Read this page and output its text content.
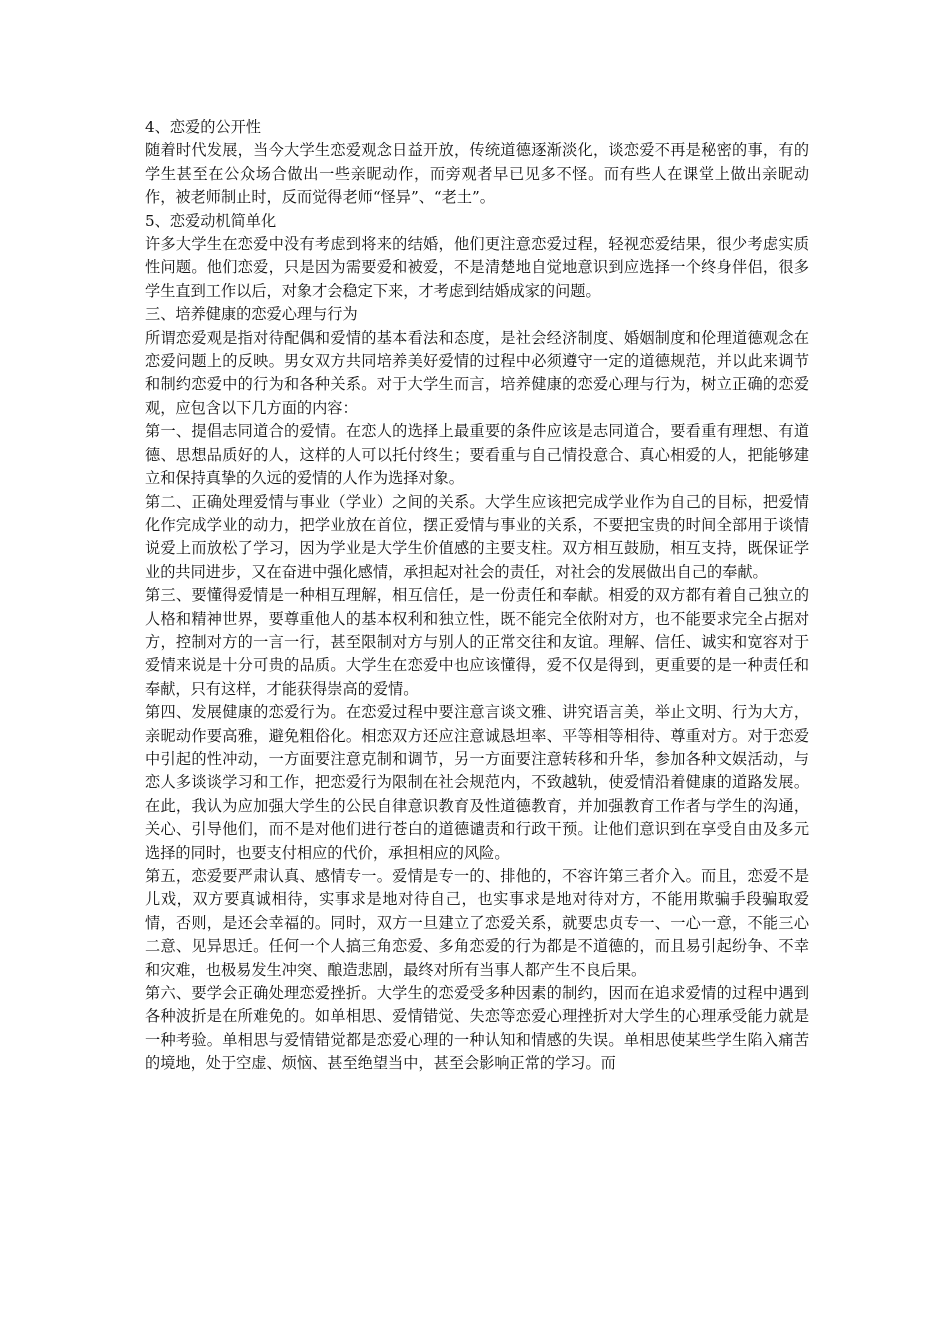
4、恋爱的公开性

随着时代发展，当今大学生恋爱观念日益开放，传统道德逐渐淡化，谈恋爱不再是秘密的事，有的学生甚至在公众场合做出一些亲昵动作，而旁观者早已见多不怪。而有些人在课堂上做出亲昵动作，被老师制止时，反而觉得老师“怪异”、“老土”。

5、恋爱动机简单化

许多大学生在恋爱中没有考虑到将来的结婚，他们更注意恋爱过程，轻视恋爱结果，很少考虑实质性问题。他们恋爱，只是因为需要爱和被爱，不是清楚地自觉地意识到应选择一个终身伴侣，很多学生直到工作以后，对象才会稳定下来，才考虑到结婚成家的问题。

三、培养健康的恋爱心理与行为

所谓恋爱观是指对待配偶和爱情的基本看法和态度，是社会经济制度、婚姻制度和伦理道德观念在恋爱问题上的反映。男女双方共同培养美好爱情的过程中必须遵守一定的道德规范，并以此来调节和制约恋爱中的行为和各种关系。对于大学生而言，培养健康的恋爱心理与行为，树立正确的恋爱观，应包含以下几方面的内容：

第一、提倡志同道合的爱情。在恋人的选择上最重要的条件应该是志同道合，要看重有理想、有道德、思想品质好的人，这样的人可以托付终生；要看重与自己情投意合、真心相爱的人，把能够建立和保持真挚的久远的爱情的人作为选择对象。

第二、正确处理爱情与事业（学业）之间的关系。大学生应该把完成学业作为自己的目标，把爱情化作完成学业的动力，把学业放在首位，摆正爱情与事业的关系，不要把宝贵的时间全部用于谈情说爱上而放松了学习，因为学业是大学生价值感的主要支柱。双方相互鼓励，相互支持，既保证学业的共同进步，又在奋进中强化感情，承担起对社会的责任，对社会的发展做出自己的奉献。

第三、要懂得爱情是一种相互理解，相互信任，是一份责任和奉献。相爱的双方都有着自己独立的人格和精神世界，要尊重他人的基本权利和独立性，既不能完全依附对方，也不能要求完全占据对方，控制对方的一言一行，甚至限制对方与别人的正常交往和友谊。理解、信任、诚实和宽容对于爱情来说是十分可贵的品质。大学生在恋爱中也应该懂得，爱不仅是得到，更重要的是一种责任和奉献，只有这样，才能获得崇高的爱情。

第四、发展健康的恋爱行为。在恋爱过程中要注意言谈文雅、讲究语言美，举止文明、行为大方，亲昵动作要高雅，避免粗俗化。相恋双方还应注意诚恳坦率、平等相等相待、尊重对方。对于恋爱中引起的性冲动，一方面要注意克制和调节，另一方面要注意转移和升华，参加各种文娱活动，与恋人多谈谈学习和工作，把恋爱行为限制在社会规范内，不致越轨，使爱情沿着健康的道路发展。在此，我认为应加强大学生的公民自律意识教育及性道德教育，并加强教育工作者与学生的沟通，关心、引导他们，而不是对他们进行苍白的道德谴责和行政干预。让他们意识到在享受自由及多元选择的同时，也要支付相应的代价，承担相应的风险。

第五，恋爱要严肃认真、感情专一。爱情是专一的、排他的，不容许第三者介入。而且，恋爱不是儿戏，双方要真诚相待，实事求是地对待自己，也实事求是地对待对方，不能用欺骗手段骗取爱情，否则，是还会幸福的。同时，双方一旦建立了恋爱关系，就要忠贞专一、一心一意，不能三心二意、见异思迁。任何一个人搞三角恋爱、多角恋爱的行为都是不道德的，而且易引起纷争、不幸和灾难，也极易发生冲突、酿造悲剧，最终对所有当事人都产生不良后果。

第六、要学会正确处理恋爱挫折。大学生的恋爱受多种因素的制约，因而在追求爱情的过程中遇到各种波折是在所难免的。如单相思、爱情错觉、失恋等恋爱心理挫折对大学生的心理承受能力就是一种考验。单相思与爱情错觉都是恋爱心理的一种认知和情感的失误。单相思使某些学生陷入痛苦的境地，处于空虚、烦恼、甚至绝望当中，甚至会影响正常的学习。而
